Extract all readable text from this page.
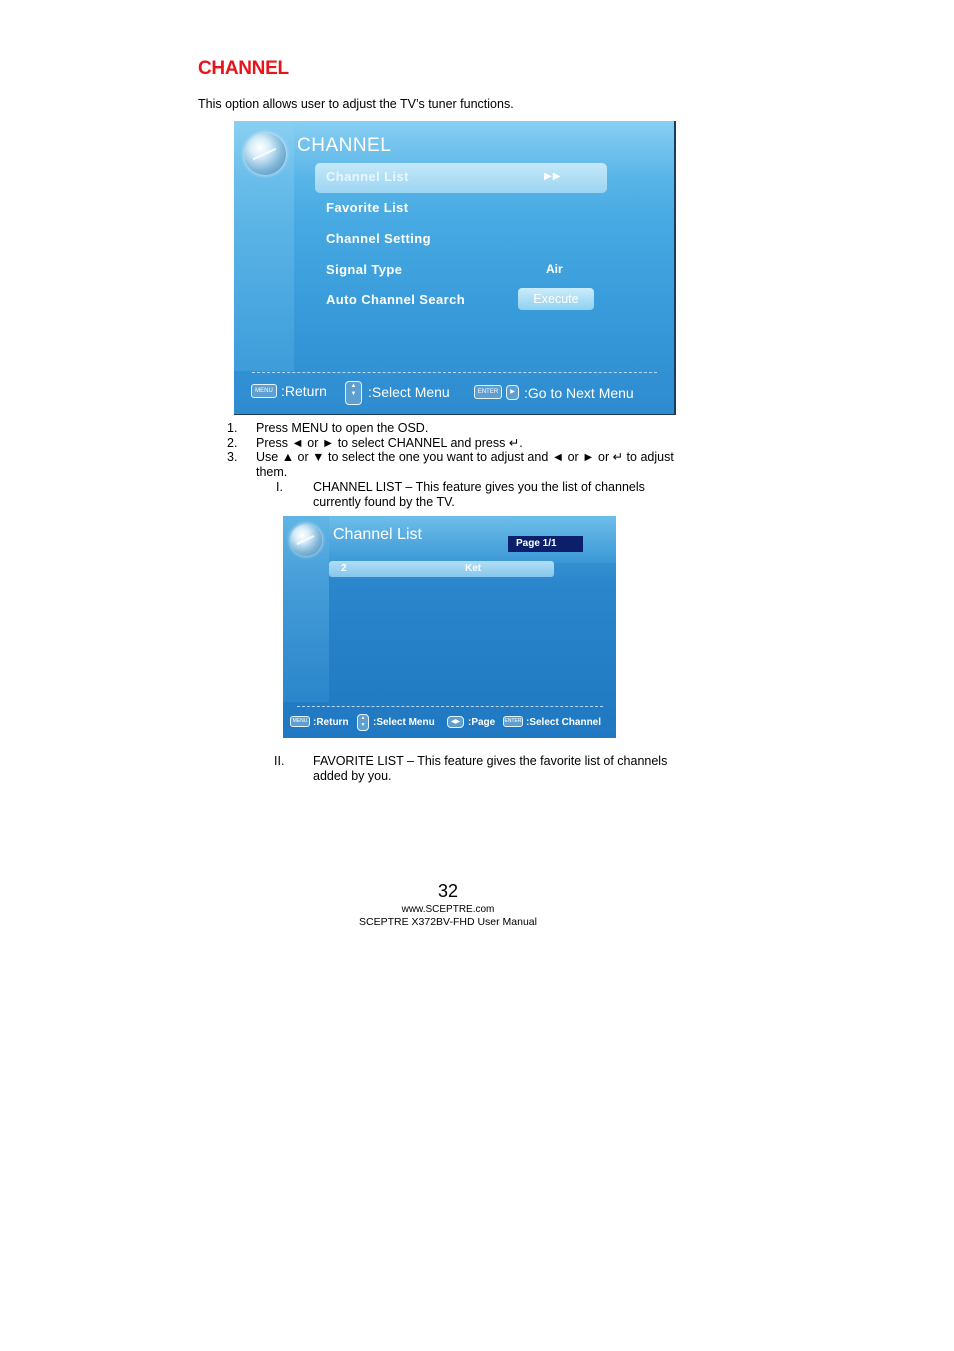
CHANNEL
This option allows user to adjust the TV’s tuner functions.
CHANNEL
Channel List	▶▶
Favorite List
Channel Setting
Signal Type	Air
Auto Channel Search	Execute
MENU :Return	▲
▼ :Select Menu	ENTER	▶ :Go to Next Menu
1. Press MENU to open the OSD.
2. Press ◄ or ► to select CHANNEL and press ↵.
3. Use ▲ or ▼ to select the one you want to adjust and ◄ or ► or ↵ to adjust them.
I. CHANNEL LIST – This feature gives you the list of channels currently found by the TV.
Channel List
Page 1/1
2	Ket
MENU :Return	▲
▼ :Select Menu	◀▶ :Page	ENTER :Select Channel
II. FAVORITE LIST – This feature gives the favorite list of channels added by you.
32
www.SCEPTRE.com
SCEPTRE X372BV-FHD User Manual
